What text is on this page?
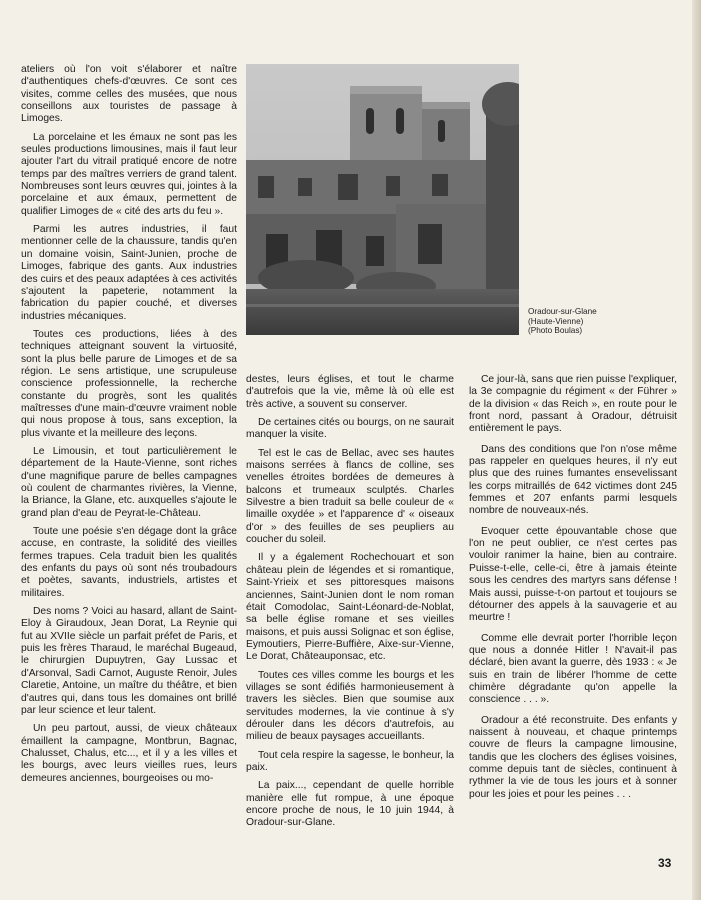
Oradour-sur-Glane
(Haute-Vienne)
(Photo Boulas)

ateliers où l'on voit s'élaborer et naître d'authentiques chefs-d'œuvres. Ce sont ces visites, comme celles des musées, que nous conseillons aux touristes de passage à Limoges.

La porcelaine et les émaux ne sont pas les seules productions limousines, mais il faut leur ajouter l'art du vitrail pratiqué encore de notre temps par des maîtres verriers de grand talent. Nombreuses sont leurs œuvres qui, jointes à la porcelaine et aux émaux, permettent de qualifier Limoges de « cité des arts du feu ».

Parmi les autres industries, il faut mentionner celle de la chaussure, tandis qu'en un domaine voisin, Saint-Junien, proche de Limoges, fabrique des gants. Aux industries des cuirs et des peaux adaptées à ces activités s'ajoutent la papeterie, notamment la fabrication du papier couché, et diverses industries mécaniques.

Toutes ces productions, liées à des techniques atteignant souvent la virtuosité, sont la plus belle parure de Limoges et de sa région. Le sens artistique, une scrupuleuse conscience professionnelle, la recherche constante du progrès, sont les qualités maîtresses d'une main-d'œuvre vraiment noble qui nous propose à tous, sans exception, la plus vivante et la meilleure des leçons.

Le Limousin, et tout particulièrement le département de la Haute-Vienne, sont riches d'une magnifique parure de belles campagnes où coulent de charmantes rivières, la Vienne, la Briance, la Glane, etc. auxquelles s'ajoute le grand plan d'eau de Peyrat-le-Château.

Toute une poésie s'en dégage dont la grâce accuse, en contraste, la solidité des vieilles fermes trapues. Cela traduit bien les qualités des enfants du pays où sont nés troubadours et poètes, savants, industriels, artistes et militaires.

Des noms ? Voici au hasard, allant de Saint-Eloy à Giraudoux, Jean Dorat, La Reynie qui fut au XVIIe siècle un parfait préfet de Paris, et puis les frères Tharaud, le maréchal Bugeaud, le chirurgien Dupuytren, Gay Lussac et d'Arsonval, Sadi Carnot, Auguste Renoir, Jules Claretie, Antoine, un maître du théâtre, et bien d'autres qui, dans tous les domaines ont brillé par leur science et leur talent.

Un peu partout, aussi, de vieux châteaux émaillent la campagne, Montbrun, Bagnac, Chalusset, Chalus, etc..., et il y a les villes et les bourgs, avec leurs vieilles rues, leurs demeures anciennes, bourgeoises ou mo-

destes, leurs églises, et tout le charme d'autrefois que la vie, même là où elle est très active, a souvent su conserver.

De certaines cités ou bourgs, on ne saurait manquer la visite.

Tel est le cas de Bellac, avec ses hautes maisons serrées à flancs de colline, ses venelles étroites bordées de demeures à balcons et trumeaux sculptés. Charles Silvestre a bien traduit sa belle couleur de « limaille oxydée » et l'apparence d' « oiseaux d'or » des feuilles de ses peupliers au coucher du soleil.

Il y a également Rochechouart et son château plein de légendes et si romantique, Saint-Yrieix et ses pittoresques maisons anciennes, Saint-Junien dont le nom roman était Comodolac, Saint-Léonard-de-Noblat, sa belle église romane et ses vieilles maisons, et puis aussi Solignac et son église, Eymoutiers, Pierre-Buffière, Aixe-sur-Vienne, Le Dorat, Châteauponsac, etc.

Toutes ces villes comme les bourgs et les villages se sont édifiés harmonieusement à travers les siècles. Bien que soumise aux servitudes modernes, la vie continue à s'y dérouler dans les décors d'autrefois, au milieu de beaux paysages accueillants.

Tout cela respire la sagesse, le bonheur, la paix.

La paix..., cependant de quelle horrible manière elle fut rompue, à une époque encore proche de nous, le 10 juin 1944, à Oradour-sur-Glane.

Ce jour-là, sans que rien puisse l'expliquer, la 3e compagnie du régiment « der Führer » de la division « das Reich », en route pour le front nord, passant à Oradour, détruisit entièrement le pays.

Dans des conditions que l'on n'ose même pas rappeler en quelques heures, il n'y eut plus que des ruines fumantes ensevelissant les corps mitraillés de 642 victimes dont 245 femmes et 207 enfants parmi lesquels nombre de nouveaux-nés.

Evoquer cette épouvantable chose que l'on ne peut oublier, ce n'est certes pas vouloir ranimer la haine, bien au contraire. Puisse-t-elle, celle-ci, être à jamais éteinte sous les cendres des martyrs sans défense ! Mais aussi, puisse-t-on partout et toujours se détourner des appels à la sauvagerie et au meurtre !

Comme elle devrait porter l'horrible leçon que nous a donnée Hitler ! N'avait-il pas déclaré, bien avant la guerre, dès 1933 : « Je suis en train de libérer l'homme de cette chimère dégradante qu'on appelle la conscience . . . ».

Oradour a été reconstruite. Des enfants y naissent à nouveau, et chaque printemps couvre de fleurs la campagne limousine, tandis que les clochers des églises voisines, comme depuis tant de siècles, continuent à rythmer la vie de tous les jours et à sonner pour les joies et pour les peines . . .

33
